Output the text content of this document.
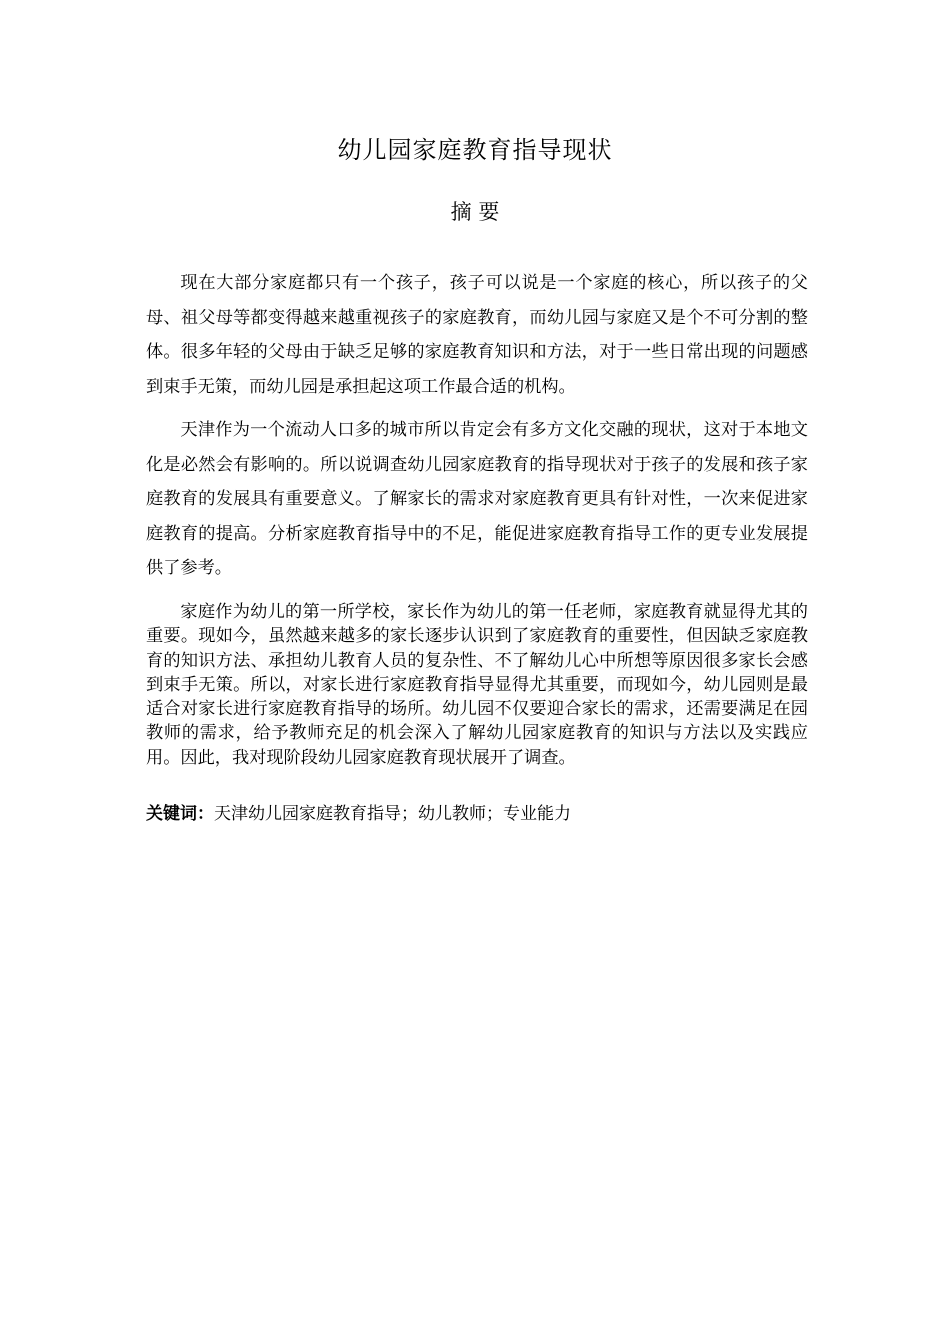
幼儿园家庭教育指导现状
摘 要

现在大部分家庭都只有一个孩子，孩子可以说是一个家庭的核心，所以孩子的父母、祖父母等都变得越来越重视孩子的家庭教育，而幼儿园与家庭又是个不可分割的整体。很多年轻的父母由于缺乏足够的家庭教育知识和方法，对于一些日常出现的问题感到束手无策，而幼儿园是承担起这项工作最合适的机构。

天津作为一个流动人口多的城市所以肯定会有多方文化交融的现状，这对于本地文化是必然会有影响的。所以说调查幼儿园家庭教育的指导现状对于孩子的发展和孩子家庭教育的发展具有重要意义。了解家长的需求对家庭教育更具有针对性，一次来促进家庭教育的提高。分析家庭教育指导中的不足，能促进家庭教育指导工作的更专业发展提供了参考。

家庭作为幼儿的第一所学校，家长作为幼儿的第一任老师，家庭教育就显得尤其的重要。现如今，虽然越来越多的家长逐步认识到了家庭教育的重要性，但因缺乏家庭教育的知识方法、承担幼儿教育人员的复杂性、不了解幼儿心中所想等原因很多家长会感到束手无策。所以，对家长进行家庭教育指导显得尤其重要，而现如今，幼儿园则是最适合对家长进行家庭教育指导的场所。幼儿园不仅要迎合家长的需求，还需要满足在园教师的需求，给予教师充足的机会深入了解幼儿园家庭教育的知识与方法以及实践应用。因此，我对现阶段幼儿园家庭教育现状展开了调查。

关键词：天津幼儿园家庭教育指导；幼儿教师；专业能力
